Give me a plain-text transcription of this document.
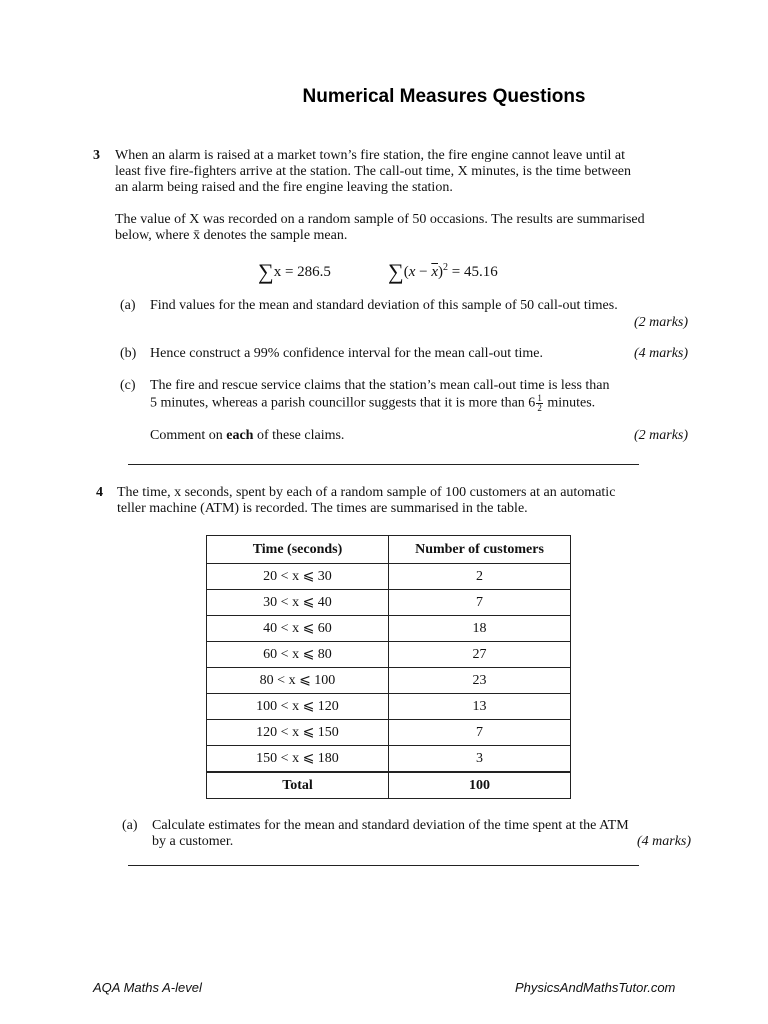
Numerical Measures Questions
3 When an alarm is raised at a market town’s fire station, the fire engine cannot leave until at
least five fire-fighters arrive at the station. The call-out time, X minutes, is the time between
an alarm being raised and the fire engine leaving the station.
The value of X was recorded on a random sample of 50 occasions. The results are summarised
below, where x̄ denotes the sample mean.
∑x = 286.5	$\sum(x - \overline{x})^2 = 45.16$
(a) Find values for the mean and standard deviation of this sample of 50 call-out times.
(2 marks)
(b) Hence construct a 99% confidence interval for the mean call-out time.	(4 marks)
(c) The fire and rescue service claims that the station’s mean call-out time is less than
5 minutes, whereas a parish councillor suggests that it is more than $6 \frac{1}{2}$ minutes.
Comment on each of these claims.	(2 marks)
4 The time, x seconds, spent by each of a random sample of 100 customers at an automatic
teller machine (ATM) is recorded. The times are summarised in the table.
Time (seconds)	Number of customers
20 < x ⩽ 30	2
30 < x ⩽ 40	7
40 < x ⩽ 60	18
60 < x ⩽ 80	27
80 < x ⩽ 100	23
100 < x ⩽ 120	13
120 < x ⩽ 150	7
150 < x ⩽ 180	3
Total	100
(a) Calculate estimates for the mean and standard deviation of the time spent at the ATM
by a customer.	(4 marks)
AQA Maths A-level	PhysicsAndMathsTutor.com
